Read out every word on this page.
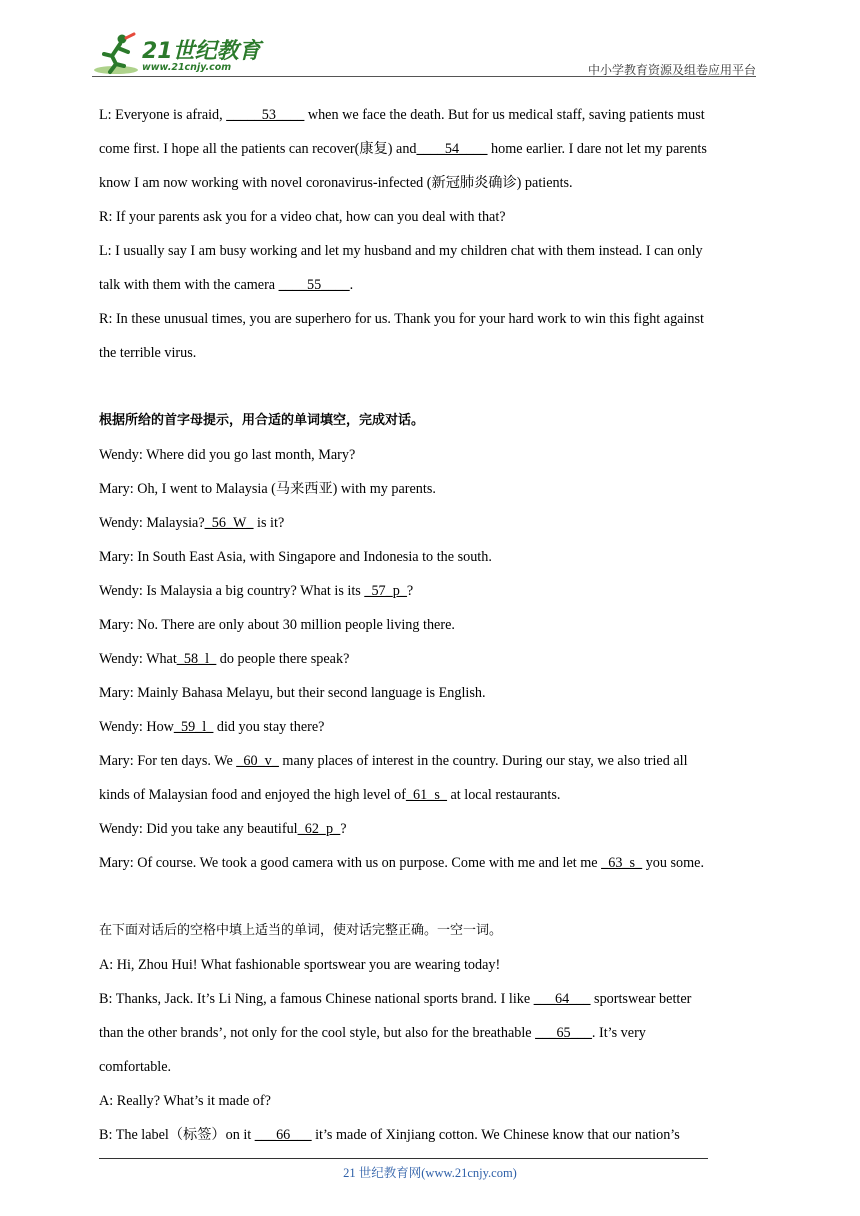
21世纪教育
www.21cnjy.com	中小学教育资源及组卷应用平台
L: Everyone is afraid, _____53____ when we face the death. But for us medical staff, saving patients must
come first. I hope all the patients can recover(康复) and____54____ home earlier. I dare not let my parents
know I am now working with novel coronavirus-infected (新冠肺炎确诊) patients.
R: If your parents ask you for a video chat, how can you deal with that?
L: I usually say I am busy working and let my husband and my children chat with them instead. I can only
talk with them with the camera ____55____.
R: In these unusual times, you are superhero for us. Thank you for your hard work to win this fight against
the terrible virus.
根据所给的首字母提示，用合适的单词填空，完成对话。
Wendy: Where did you go last month, Mary?
Mary: Oh, I went to Malaysia (马来西亚) with my parents.
Wendy: Malaysia?_56_W_ is it?
Mary: In South East Asia, with Singapore and Indonesia to the south.
Wendy: Is Malaysia a big country? What is its _57_p_?
Mary: No. There are only about 30 million people living there.
Wendy: What_58_l_ do people there speak?
Mary: Mainly Bahasa Melayu, but their second language is English.
Wendy: How_59_l_ did you stay there?
Mary: For ten days. We _60_v_ many places of interest in the country. During our stay, we also tried all
kinds of Malaysian food and enjoyed the high level of_61_s_ at local restaurants.
Wendy: Did you take any beautiful_62_p_?
Mary: Of course. We took a good camera with us on purpose. Come with me and let me _63_s_ you some.
在下面对话后的空格中填上适当的单词，使对话完整正确。一空一词。
A: Hi, Zhou Hui! What fashionable sportswear you are wearing today!
B: Thanks, Jack. It’s Li Ning, a famous Chinese national sports brand. I like ___64___ sportswear better
than the other brands’, not only for the cool style, but also for the breathable ___65___. It’s very
comfortable.
A: Really? What’s it made of?
B: The label（标签）on it ___66___ it’s made of Xinjiang cotton. We Chinese know that our nation’s
21 世纪教育网(www.21cnjy.com)
